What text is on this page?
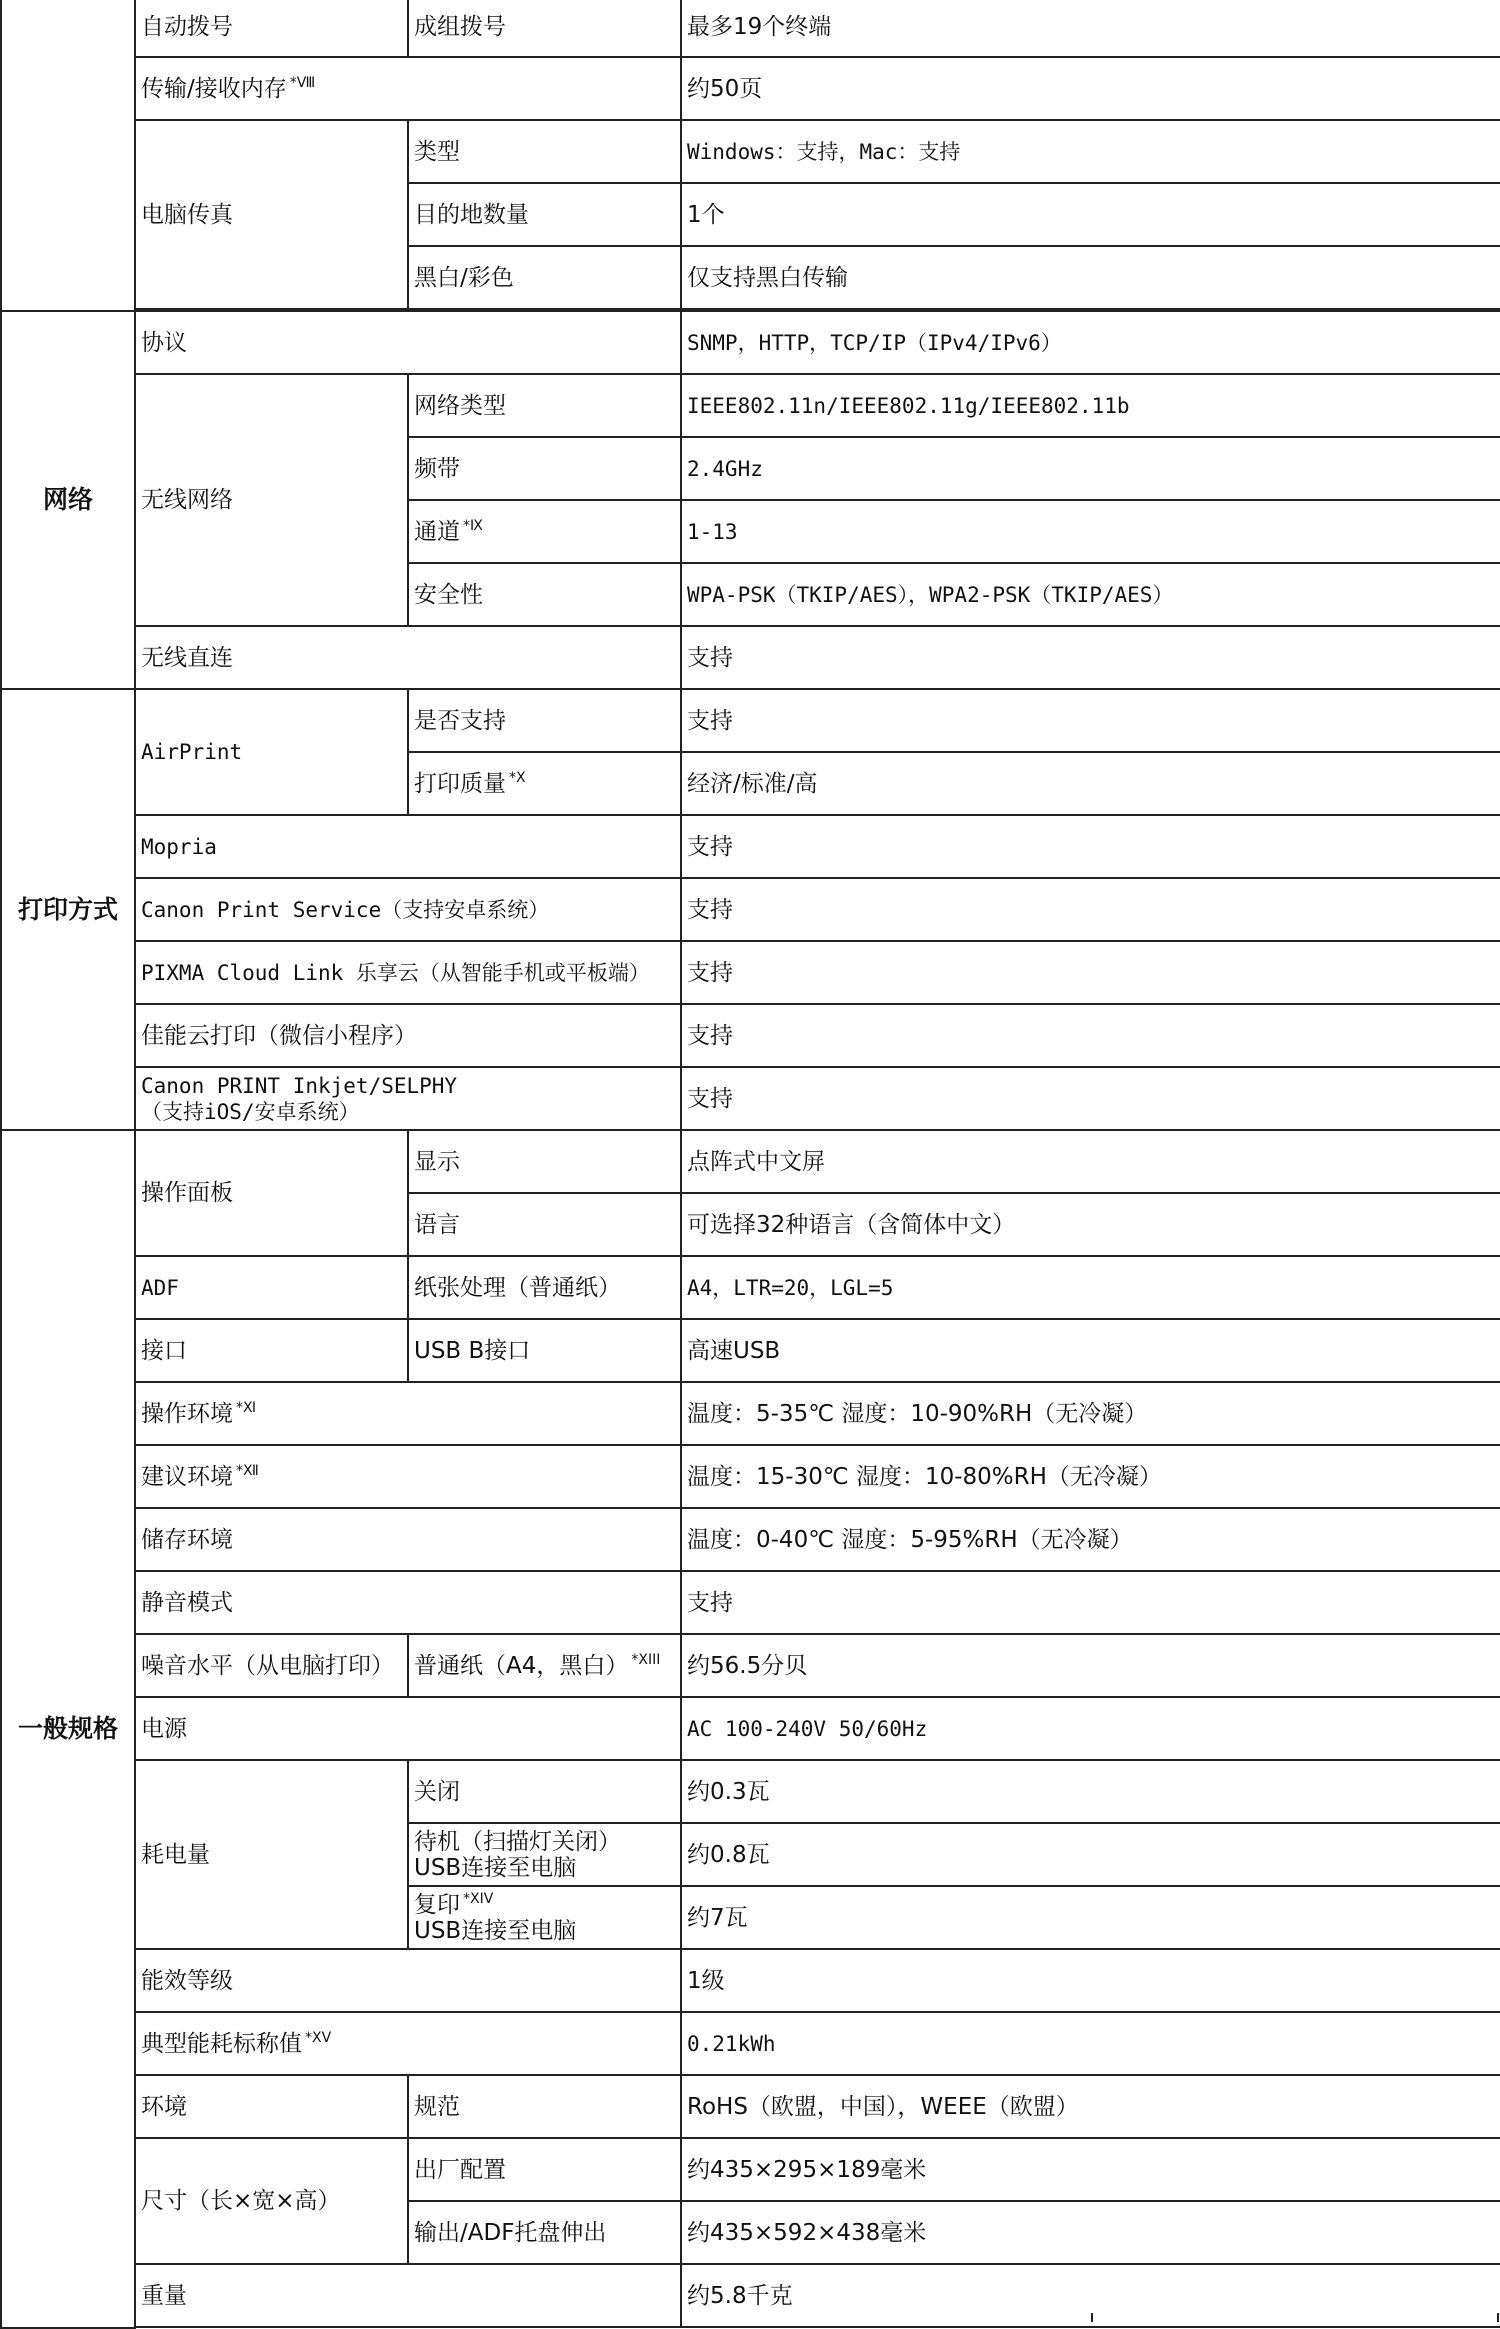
	自动拨号	成组拨号	最多19个终端
	传输/接收内存 $^{*Ⅷ}$		约50页
	电脑传真	类型	Windows：支持，Mac：支持
		目的地数量	1个
		黑白/彩色	仅支持黑白传输

网络	协议		SNMP，HTTP，TCP/IP（IPv4/IPv6）
	无线网络	网络类型	IEEE802.11n/IEEE802.11g/IEEE802.11b
		频带	2.4GHz
		通道 $^{*Ⅸ}$	1-13
		安全性	WPA-PSK（TKIP/AES），WPA2-PSK（TKIP/AES）
	无线直连		支持
打印方式	AirPrint	是否支持	支持
		打印质量 $^{*Ⅹ}$	经济/标准/高
	Mopria		支持
	Canon Print Service（支持安卓系统）		支持
	PIXMA Cloud Link 乐享云（从智能手机或平板端）		支持
	佳能云打印（微信小程序）		支持

	Canon PRINT Inkjet/SELPHY
（支持iOS/安卓系统）		支持
一般规格	操作面板	显示	点阵式中文屏
		语言	可选择32种语言（含简体中文）
	ADF	纸张处理（普通纸）	A4，LTR=20，LGL=5
	接口	USB B接口	高速USB
	操作环境 $^{*Ⅺ}$		温度：5-35℃ 湿度：10-90%RH（无冷凝）
	建议环境 $^{*Ⅻ}$		温度：15-30℃ 湿度：10-80%RH（无冷凝）
	储存环境		温度：0-40℃ 湿度：5-95%RH（无冷凝）
	静音模式		支持
	噪音水平（从电脑打印）	普通纸（A4，黑白） $^{*XIII}$	约56.5分贝
	电源		AC 100-240V 50/60Hz
	耗电量	关闭	约0.3瓦

		待机（扫描灯关闭）
USB连接至电脑	约0.8瓦

		复印 $^{*XIV}$
USB连接至电脑	约7瓦
	能效等级		1级
	典型能耗标称值 $^{*XV}$		0.21kWh
	环境	规范	RoHS（欧盟，中国），WEEE（欧盟）
	尺寸（长×宽×高）	出厂配置	约435×295×189毫米
		输出/ADF托盘伸出	约435×592×438毫米
	重量		约5.8千克
